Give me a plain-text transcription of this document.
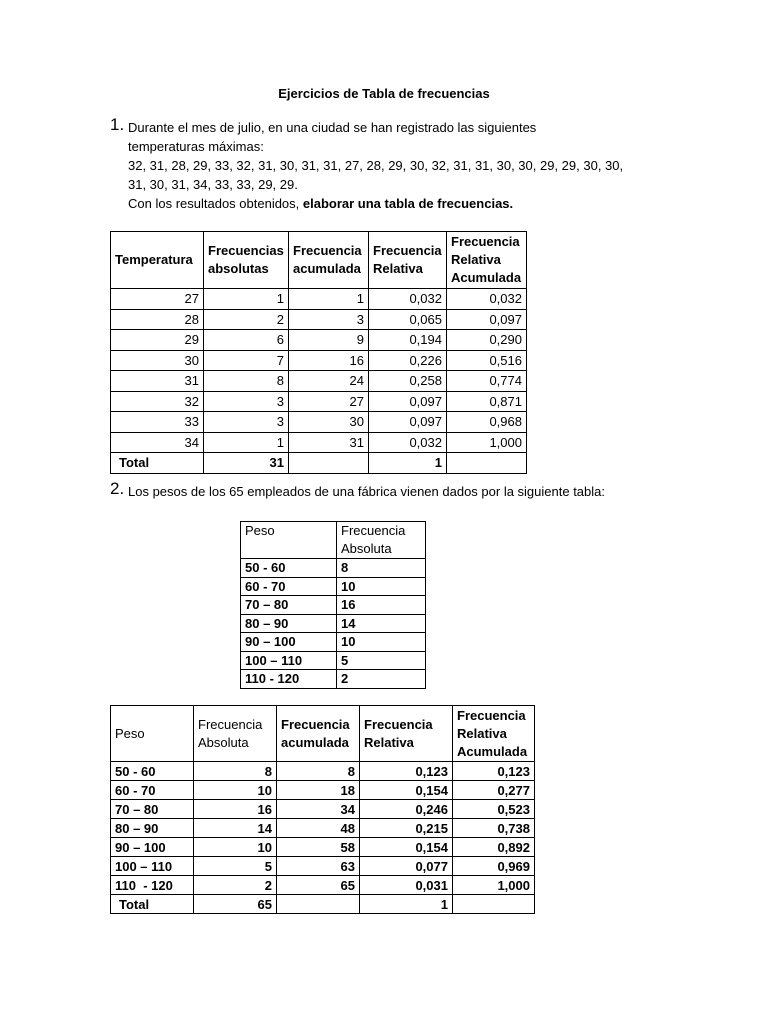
Ejercicios de Tabla de frecuencias
1. Durante el mes de julio, en una ciudad se han registrado las siguientes
temperaturas máximas:
32, 31, 28, 29, 33, 32, 31, 30, 31, 31, 27, 28, 29, 30, 32, 31, 31, 30, 30, 29, 29, 30, 30,
31, 30, 31, 34, 33, 33, 29, 29.
Con los resultados obtenidos, elaborar una tabla de frecuencias.
Temperatura	Frecuencias absolutas	Frecuencia acumulada	Frecuencia Relativa	Frecuencia Relativa Acumulada

27	1	1	0,032	0,032
28	2	3	0,065	0,097
29	6	9	0,194	0,290
30	7	16	0,226	0,516
31	8	24	0,258	0,774
32	3	27	0,097	0,871
33	3	30	0,097	0,968
34	1	31	0,032	1,000
Total	31		1	
2. Los pesos de los 65 empleados de una fábrica vienen dados por la siguiente tabla:
Peso	Frecuencia Absoluta

50 - 60	8
60 - 70	10
70 – 80	16
80 – 90	14
90 – 100	10
100 – 110	5
110 - 120	2
Peso	Frecuencia Absoluta	Frecuencia acumulada	Frecuencia Relativa	Frecuencia Relativa Acumulada

50 - 60	8	8	0,123	0,123
60 - 70	10	18	0,154	0,277
70 – 80	16	34	0,246	0,523
80 – 90	14	48	0,215	0,738
90 – 100	10	58	0,154	0,892
100 – 110	5	63	0,077	0,969
110  - 120	2	65	0,031	1,000
Total	65		1	
